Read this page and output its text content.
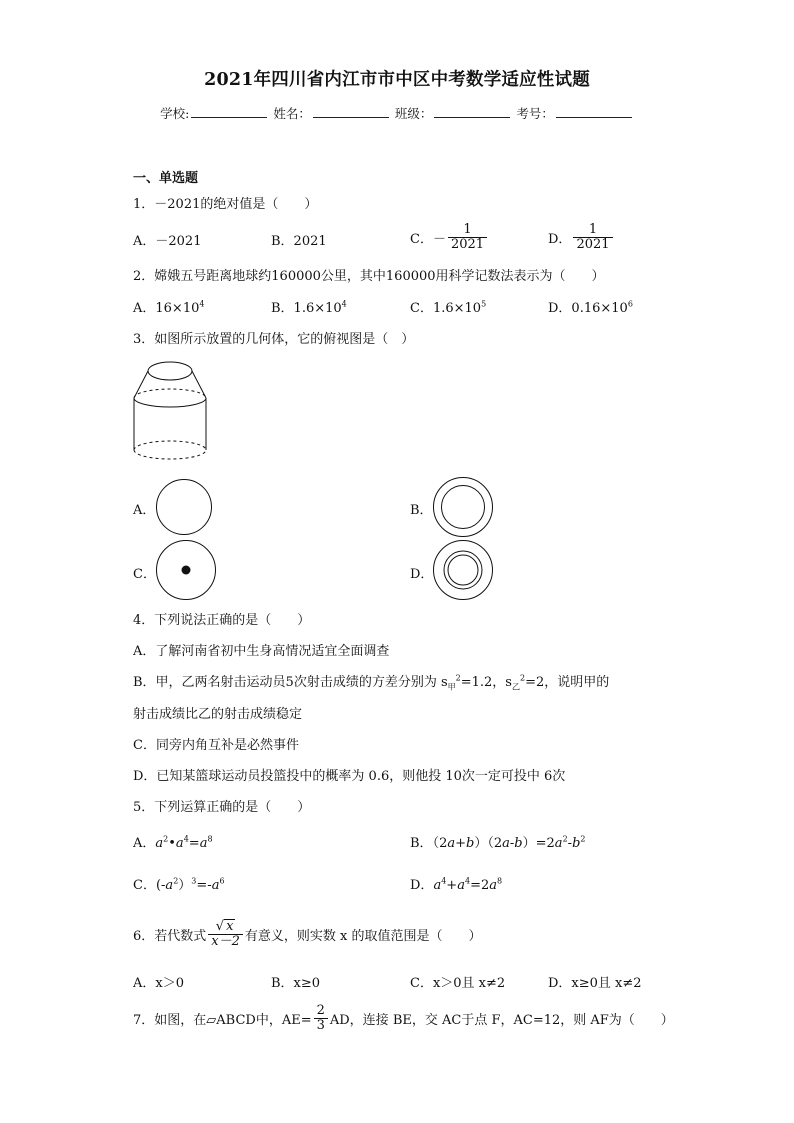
2021年四川省内江市市中区中考数学适应性试题
学校:	姓名：	班级：	考号：
一、单选题
1．－2021的绝对值是（　　）
A．－2021	B．2021	C．－ $\frac{1}{2021}$	D． $\frac{1}{2021}$
2．嫦娥五号距离地球约160000公里，其中160000用科学记数法表示为（　　）
A．$16\times 10^4$	B．$1.6\times 10^4$	C．$1.6\times 10^5$	D．$0.16\times 10^6$
3．如图所示放置的几何体，它的俯视图是（　）
A．	B．
C．	D．
4．下列说法正确的是（　　）
A．了解河南省初中生身高情况适宜全面调查
B．甲，乙两名射击运动员5次射击成绩的方差分别为 $s_甲^2=1.2$，$s_乙^2=2$，说明甲的
射击成绩比乙的射击成绩稳定
C．同旁内角互补是必然事件
D．已知某篮球运动员投篮投中的概率为 0.6，则他投 10次一定可投中 6次
5．下列运算正确的是（　　）
A．$a^2•a^4=a^8$	B．$(2a+b)(2a-b)=2a^2-b^2$
C．$(-a^2)^3=-a^6$	D．$a^4+a^4=2a^8$
6．若代数式 $\frac{√ x}{x-2}$ 有意义，则实数 x 的取值范围是（　　）
A．x＞0	B．x≥0	C．x＞0且 x≠2	D．x≥0且 x≠2
7．如图，在▱ABCD中，$AE= \frac{2}{3}$ AD，连接 BE，交 AC于点 F，AC=12，则 AF为（　　）
